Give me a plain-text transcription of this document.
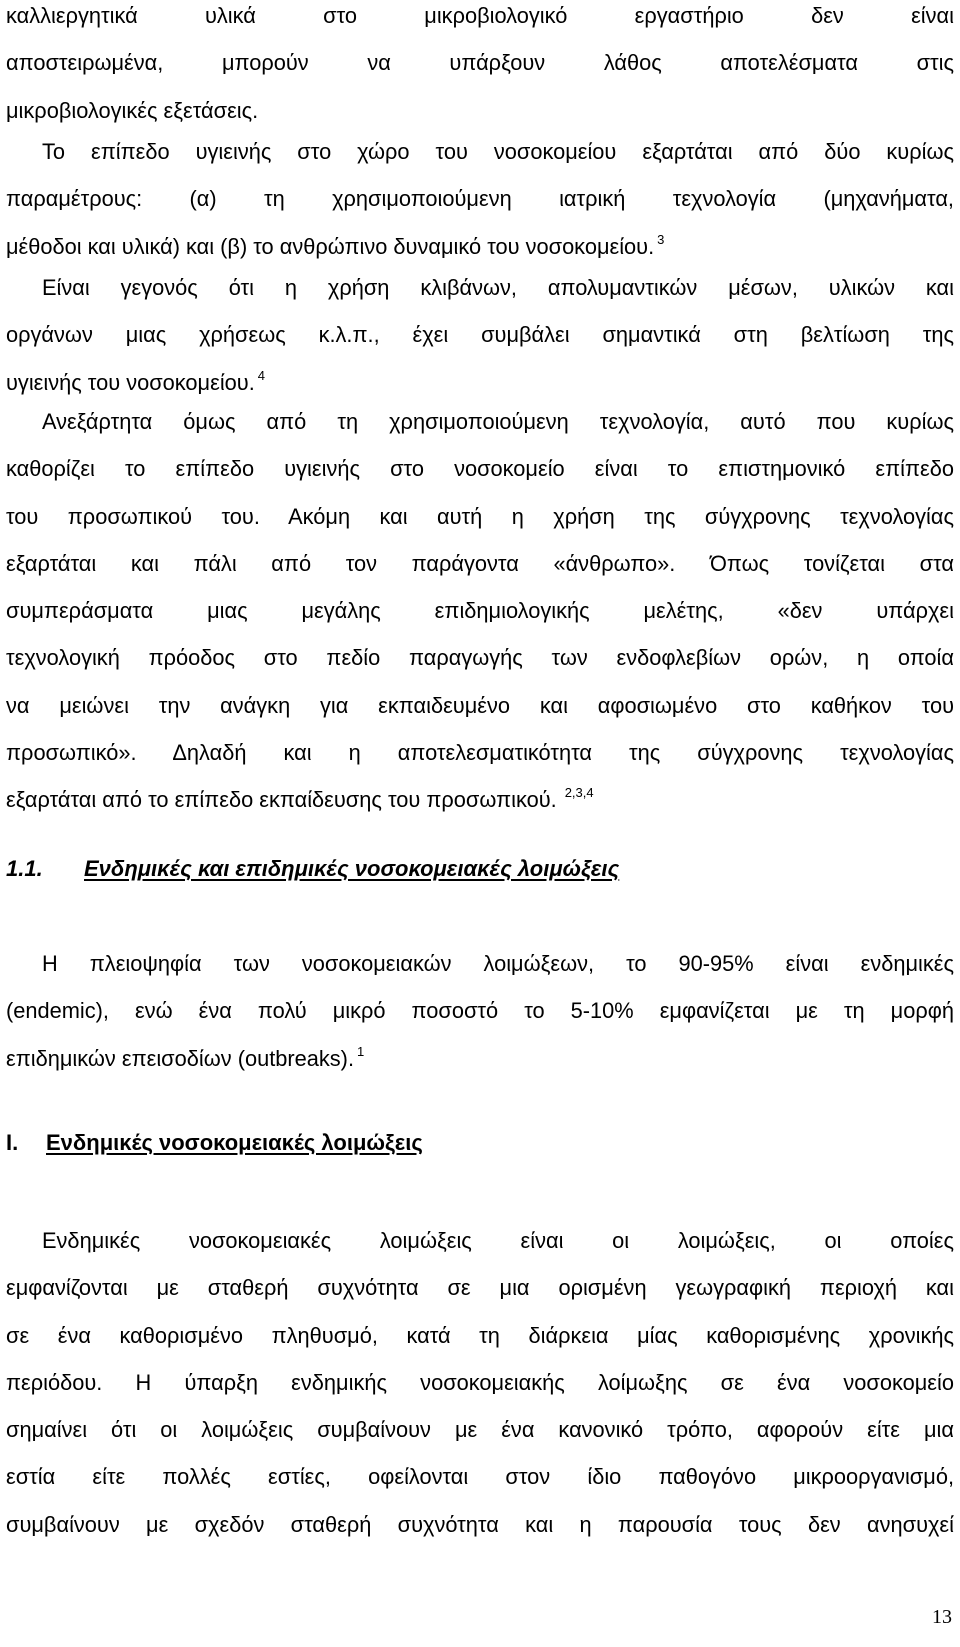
καλλιεργητικά υλικά στο μικροβιολογικό εργαστήριο δεν είναι
αποστειρωμένα, μπορούν να υπάρξουν λάθος αποτελέσματα στις
μικροβιολογικές εξετάσεις.
Το επίπεδο υγιεινής στο χώρο του νοσοκομείου εξαρτάται από δύο κυρίως
παραμέτρους: (α) τη χρησιμοποιούμενη ιατρική τεχνολογία (μηχανήματα,
μέθοδοι και υλικά) και (β) το ανθρώπινο δυναμικό του νοσοκομείου. $^3$
Είναι γεγονός ότι η χρήση κλιβάνων, απολυμαντικών μέσων, υλικών και
οργάνων μιας χρήσεως κ.λ.π., έχει συμβάλει σημαντικά στη βελτίωση της
υγιεινής του νοσοκομείου. $^4$
Ανεξάρτητα όμως από τη χρησιμοποιούμενη τεχνολογία, αυτό που κυρίως
καθορίζει το επίπεδο υγιεινής στο νοσοκομείο είναι το επιστημονικό επίπεδο
του προσωπικού του. Ακόμη και αυτή η χρήση της σύγχρονης τεχνολογίας
εξαρτάται και πάλι από τον παράγοντα «άνθρωπο». Όπως τονίζεται στα
συμπεράσματα μιας μεγάλης επιδημιολογικής μελέτης, «δεν υπάρχει
τεχνολογική πρόοδος στο πεδίο παραγωγής των ενδοφλεβίων ορών, η οποία
να μειώνει την ανάγκη για εκπαιδευμένο και αφοσιωμένο στο καθήκον του
προσωπικό». Δηλαδή και η αποτελεσματικότητα της σύγχρονης τεχνολογίας
εξαρτάται από το επίπεδο εκπαίδευσης του προσωπικού. $^{2,3,4}$
1.1. Ενδημικές και επιδημικές νοσοκομειακές λοιμώξεις
Η πλειοψηφία των νοσοκομειακών λοιμώξεων, το 90-95% είναι ενδημικές
(endemic), ενώ ένα πολύ μικρό ποσοστό το 5-10% εμφανίζεται με τη μορφή
επιδημικών επεισοδίων (outbreaks). $^1$
I. Ενδημικές νοσοκομειακές λοιμώξεις
Ενδημικές νοσοκομειακές λοιμώξεις είναι οι λοιμώξεις, οι οποίες
εμφανίζονται με σταθερή συχνότητα σε μια ορισμένη γεωγραφική περιοχή και
σε ένα καθορισμένο πληθυσμό, κατά τη διάρκεια μίας καθορισμένης χρονικής
περιόδου. Η ύπαρξη ενδημικής νοσοκομειακής λοίμωξης σε ένα νοσοκομείο
σημαίνει ότι οι λοιμώξεις συμβαίνουν με ένα κανονικό τρόπο, αφορούν είτε μια
εστία είτε πολλές εστίες, οφείλονται στον ίδιο παθογόνο μικροοργανισμό,
συμβαίνουν με σχεδόν σταθερή συχνότητα και η παρουσία τους δεν ανησυχεί
13
